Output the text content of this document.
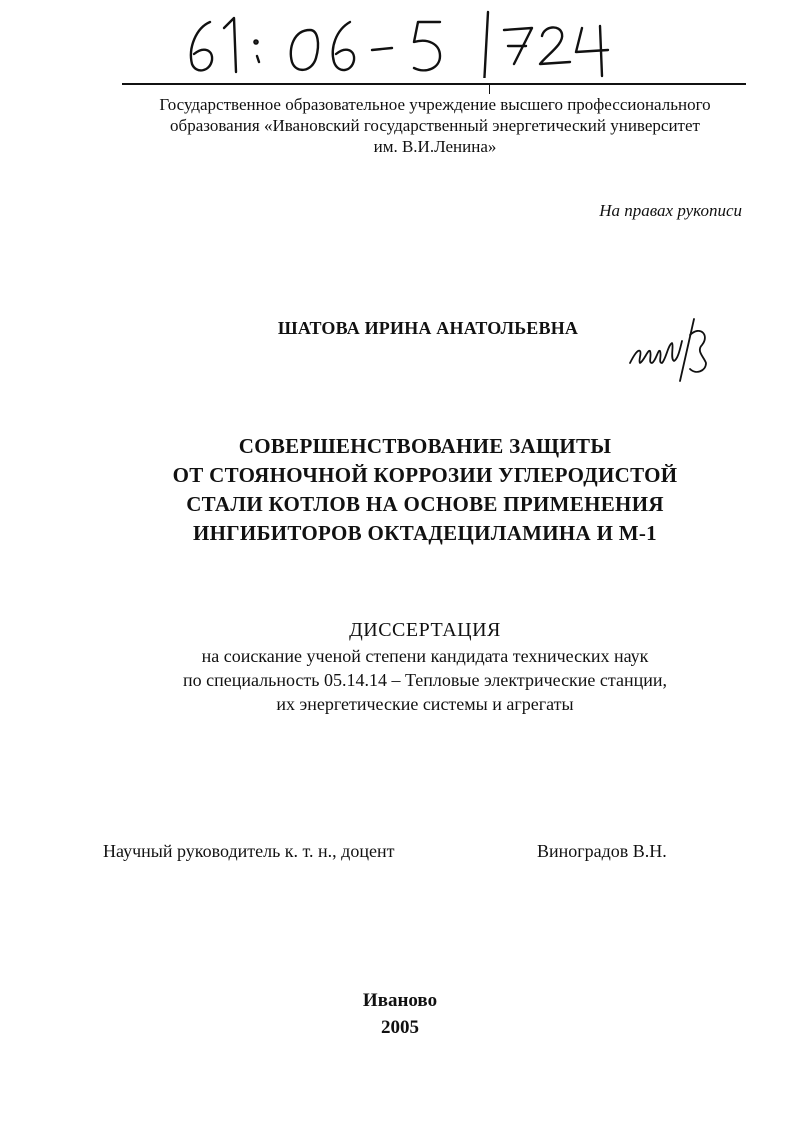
Государственное образовательное учреждение высшего профессионального
образования «Ивановский государственный энергетический университет
им. В.И.Ленина»
На правах рукописи
ШАТОВА ИРИНА АНАТОЛЬЕВНА
СОВЕРШЕНСТВОВАНИЕ ЗАЩИТЫ
ОТ СТОЯНОЧНОЙ КОРРОЗИИ УГЛЕРОДИСТОЙ
СТАЛИ КОТЛОВ НА ОСНОВЕ ПРИМЕНЕНИЯ
ИНГИБИТОРОВ ОКТАДЕЦИЛАМИНА И М-1
ДИССЕРТАЦИЯ
на соискание ученой степени кандидата технических наук
по специальность 05.14.14 – Тепловые электрические станции,
их энергетические системы и агрегаты
Научный руководитель к. т. н., доцент	Виноградов В.Н.
Иваново
2005
